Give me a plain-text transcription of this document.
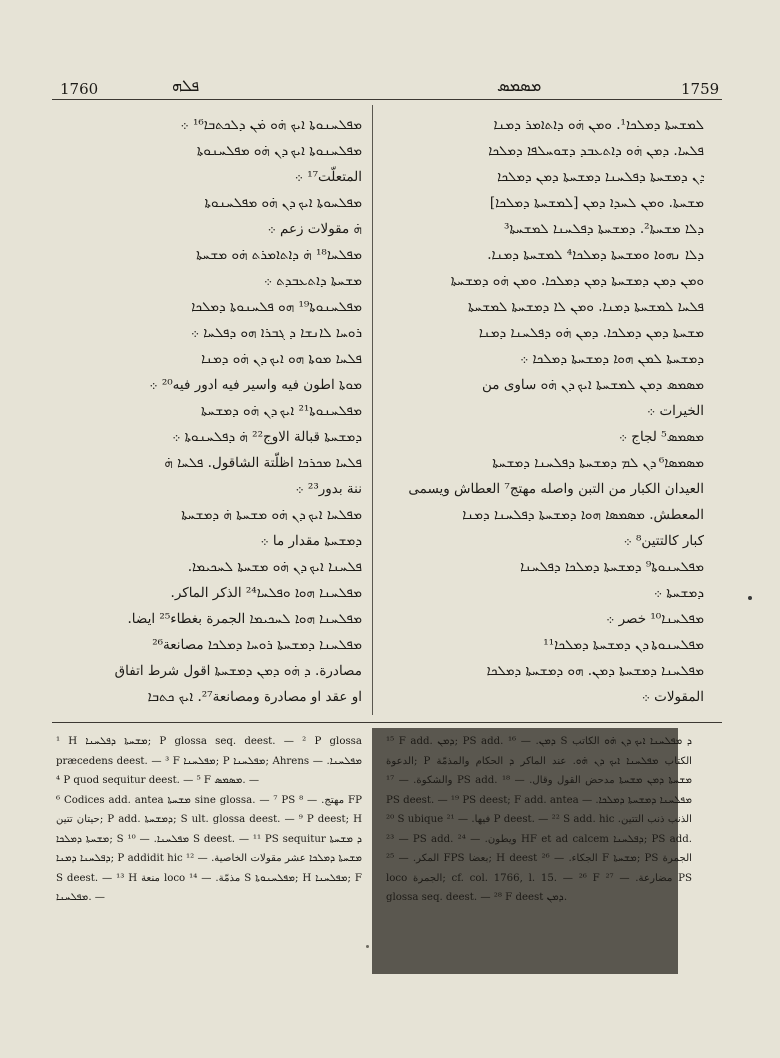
1760	ܦܠܗ	ܡܣܡܣ	1759

ܡܦܠܚܢܘܬܐ ܐܝܟ ܗ̇ܘ ܡ̇ܢ ܕܠܟܬܒܐ¹⁶ ܀

ܡܦܠܚܢܘܬܐ ܐܝܟ ܕܢ ܗ̇ܘ ܡܦܠܚܢܘܬܐ

المتعلّت¹⁷ ܀

ܡܦܠܚܘܬܐ ܐܝܟ ܕܢ ܗ̇ܘ ܡܦܠܚܢܘܬܐ

ܗ̇ مقولات زعم ܀

ܡܦܠܚܐ¹⁸ ܗ̇ ܕܐܬܐܡܪܬ ܗ̇ܘ ܡܫܚܬܐ

ܡܫܚܬܐ ܕܐܬܥܒܕܬ ܀

ܡܦܠܚܢܘܬܐ¹⁹ ܗܘ ܦܠܚܢܘܬܐ ܕܡܠܟܐ

ܪܘܚܐ ܠܐܢܫܐ ܕ ܓܒܪܐ ܗܘ ܕܦܠܚܐ ܀

ܦܠܚܐ ܡܘܬܐ ܗܘ ܐܝܟ ܕܢ ܗ̇ܘ ܕܡܢܐ

ܡܘܬܐ اطون فيه واسير فيه ادور فيه²⁰ ܀

ܡܦܠܚܢܘܬܐ²¹ ܐܝܟ ܕܢ ܗ̇ܘ ܕܡܫܚܬܐ

ܕܡܫܚܬܐ قبالة الاوج²² ܗ̇ ܕܦܠܚܢܘܬܐ ܀

ܦܠܚܐ ܡܟܪܟܐ اظلّتة الشاقول. ܦܠܚܐ ܗ̇

ننة بدور²³ ܀

ܡܦܠܚܐ ܐܝܟ ܕܢ ܗ̇ܘ ܡܫܚܬܐ ܗ̇ ܕܡܫܚܬܐ

ܕܡܫܚܬܐ مقدار ما ܀

ܦܠܚܢܐ ܐܝܟ ܕܢ ܗ̇ܘ ܡܫܚܬܐ ܠܚܟܝܡܐ.

ܡܦܠܚܢܐ ܗܘܐ ܘܦܠܚܐ²⁴ الذكر الماكر.

ܡܦܠܚܢܐ ܗܘܐ ܠܚܟܝܡܐ الجمرة بغطاء²⁵ ايضا.

ܡܦܠܚܢܐ ܕܡܫܚܬܐ ܪܘܚܐ ܕܡܠܟܐ مصانعة²⁶

مصادرة. ܕ ܗ̇ܘ ܕܡܢ ܕܡܫܚܬܐ اقول شرط اتفاق

او عقد او مصادرة ومصانعة²⁷. ܐܝܟ ܟܬܒܐ

ܠܡܫܚܬܐ ܕܡܠܟܐ¹. ܘܡܢ ܗ̇ܘ ܕܐܬܐܡܪ ܕܡܢܐ

ܦܠܚܐ. ܕܡܢ ܗ̇ܘ ܕܐܬܥܒܕ ܕܫܘܚܠܦܐ ܕܡܠܟܐ

ܕܢ ܕܡܫܚܬܐ ܕܦܠܚܢܐ ܕܡܫܚܬܐ ܕܡܢ ܕܡܠܟܐ

ܡܫܚܬܐ. ܘܡܢ ܠܚܕܐ ܕܡܢ [ܠܡܫܚܬܐ ܕܡܠܟܐ]

ܕܠܐ ܡܫܚܬܐ². ܕܡܫܚܬܐ ܕܦܠܚܢܐ ܠܡܫܚܬܐ³

ܕܠܐ ܢܗܘܐ ܘܡܫܚܬܐ ܕܡܠܟܐ⁴ ܠܡܫܚܬܐ ܕܡܢܐ.

ܘܡܢ ܕܡܢ ܕܡܫܚܬܐ ܕܡܢ ܕܡܠܟܐ. ܘܡܢ ܗ̇ܘ ܕܡܫܚܬܐ

ܦܠܚܐ ܠܡܫܚܬܐ ܕܡܢܐ. ܘܡܢ ܠܐ ܕܡܫܚܬܐ ܠܡܫܚܬܐ

ܡܫܚܬܐ ܕܡܢ ܕܡܠܟܐ. ܕܡܢ ܗ̇ܘ ܕܦܠܚܢܐ ܕܡܢܐ

ܕܡܫܚܬܐ ܠܡܢ ܗܘܐ ܕܡܫܚܬܐ ܕܡܠܟܐ ܀

ܡܣܡܣ ܕܡܢ ܠܡܫܚܬܐ ܐܝܟ ܕܢ ܗ̇ܘ ساوى من

الخيرات ܀

ܡܣܡܣ⁵ لجاج ܀

ܡܣܡܣܐ⁶ ܕܢ ܠܡ ܕܡܫܚܬܐ ܕܦܠܚܢܐ ܕܡܫܚܬܐ

العيدان الكبار من التبن واصله مهتج⁷ العطاش ويسمى

المعطش. ܡܣܡܣܐ ܗܘܐ ܕܡܫܚܬܐ ܕܦܠܚܢܐ ܕܡܢܐ

كبار كالتتين⁸ ܀

ܡܦܠܚܢܘܬܐ⁹ ܕܡܫܚܬܐ ܕܡܠܟܐ ܕܦܠܚܢܐ

ܕܡܫܚܬܐ ܀

ܡܦܠܚܢܐ¹⁰ خصر ܀

ܡܦܠܚܢܘܬܐ ܕܢ ܕܡܫܚܬܐ ܕܡܠܟܐ¹¹

ܡܦܠܚܢܐ ܕܡܫܚܬܐ ܕܡܢ. ܗܘ ܕܡܫܚܬܐ ܕܡܠܟܐ

المقولات ܀

¹ H ܡܫܚܬܐ ܕܦܠܚܢܐ; P glossa seq. deest. — ² P glossa præcedens deest. — ³ F ܡܦܠܚܢܐ; P ܡܦܠܚܢܐ; Ahrens ܡܦܠܚܢܐ. — ⁴ P quod sequitur deest. — ⁵ F ܡܣܡܣ. —

⁶ Codices add. antea ܡܫܚܬܐ sine glossa. — ⁷ PS مهتج. — ⁸ FP حيتان تتين; P add. ܕܡܫܚܬܐ; S ult. glossa deest. — ⁹ P deest; H ܡܫܚܬܐ ܕܡܠܟܐ; S ܡܦܠܚܢܐ. — ¹⁰ S deest. — ¹¹ PS sequitur ܕ ܡܫܚܬܐ ܕܦܠܚܢܐ ܕܡܢܐ; P addidit hic ܡܫܚܬܐ ܕܡܠܟܐ عشر مقولات الخاصية. — ¹² S deest. — ¹³ H منعة loco مذمّة. — ¹⁴ S ܡܦܠܚܢܘܬܐ; H ܡܦܠܚܢܐ; F ܡܦܠܚܢܐ. —

¹⁵ F add. ܕܡܢ; PS add. ܕܡܢ. — ¹⁶ S ܕ ܡܦܠܚܢܐ ܐܝܟ ܕܢ ܗ̇ܘ الكاتب الدعوة; P الكتاب ܡܦܠܚܢܐ ܐܝܟ ܕܢ ܗ̇ܘ. عند الماكر ܕ الحكام والمذمّة والشكوة. — ¹⁷ PS add. ܡܫܚܬܐ ܕܡܢ ܡܫܚܬܐ مدحض القول وقال. — ¹⁸ PS deest. — ¹⁹ PS deest; F add. antea ܡܦܠܚܢܐ ܕܡܫܚܬܐ ܕܡܠܟܐ. — ²⁰ S ubique فيها. — ²¹ P deest. — ²² S add. hic الذنب ذنب التتين. — ²³ PS add. ويطون. — ²⁴ HF et ad calcem ܕܦܠܚܢܐ; PS add. المكر. — ²⁵ FPS بعضا; H deest الجكاء. — ²⁶ F ܡܫܚܬܐ; PS الجمرة loco الجمرة; cf. col. 1766, l. 15. — ²⁶ F مضارعة. — ²⁷ PS glossa seq. deest. — ²⁸ F deest ܕܡܢ.
